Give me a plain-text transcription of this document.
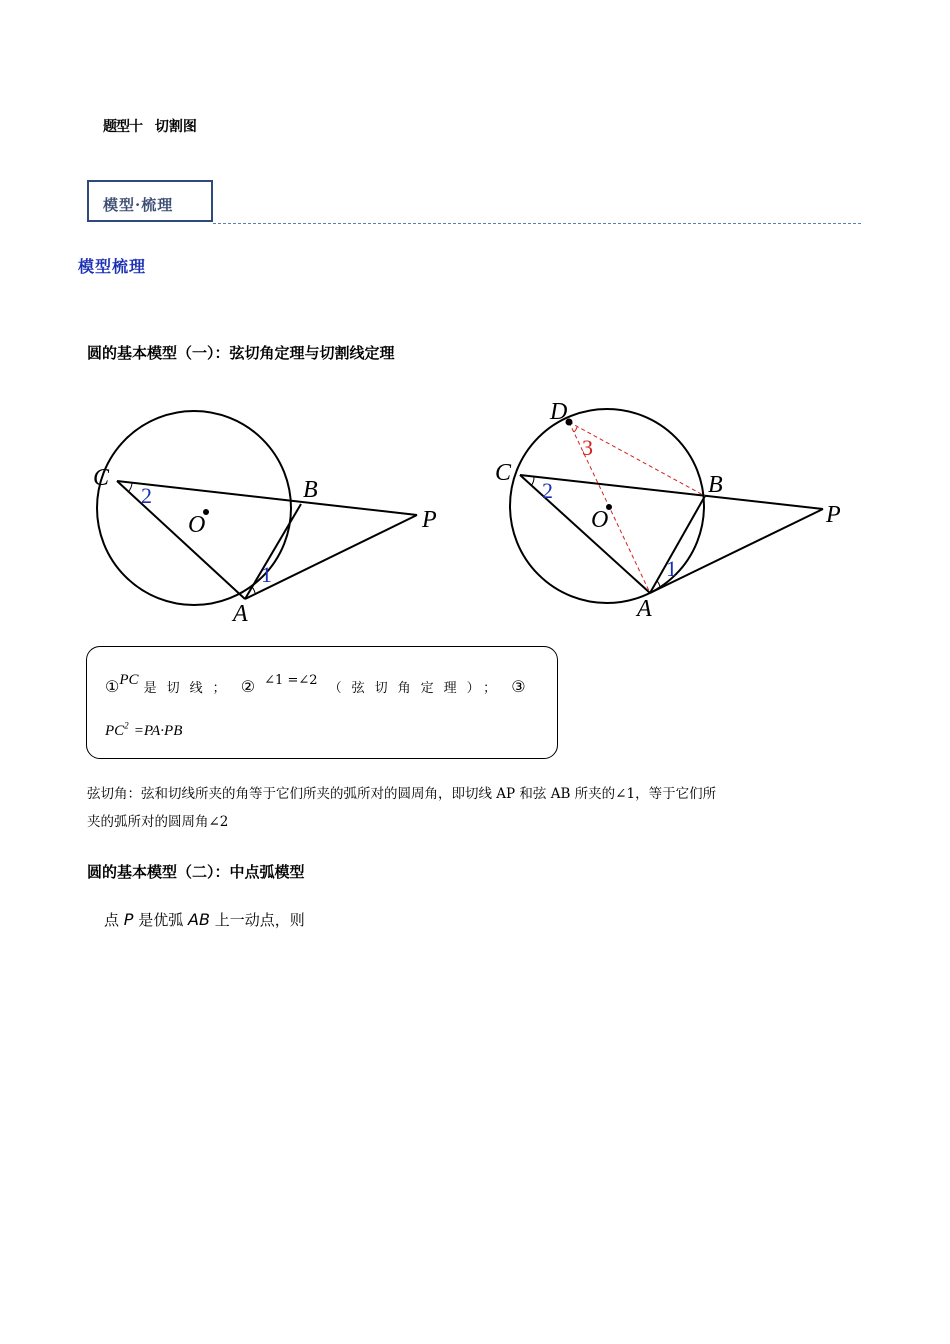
题型十 切割图
模型·梳理
模型梳理
圆的基本模型（一）：弦切角定理与切割线定理
C	B
O	P
A
1
2
D
C	B
O	P
A
1
2
3
①PC 是切线； ② $^{\angle 1 =\angle 2}$ （弦切角定理）； ③
$PC^2 =PA\cdot PB$
弦切角：弦和切线所夹的角等于它们所夹的弧所对的圆周角，即切线 AP 和弦 AB 所夹的∠1，等于它们所
夹的弧所对的圆周角∠2
圆的基本模型（二）：中点弧模型
点 P 是优弧 AB 上一动点，则
